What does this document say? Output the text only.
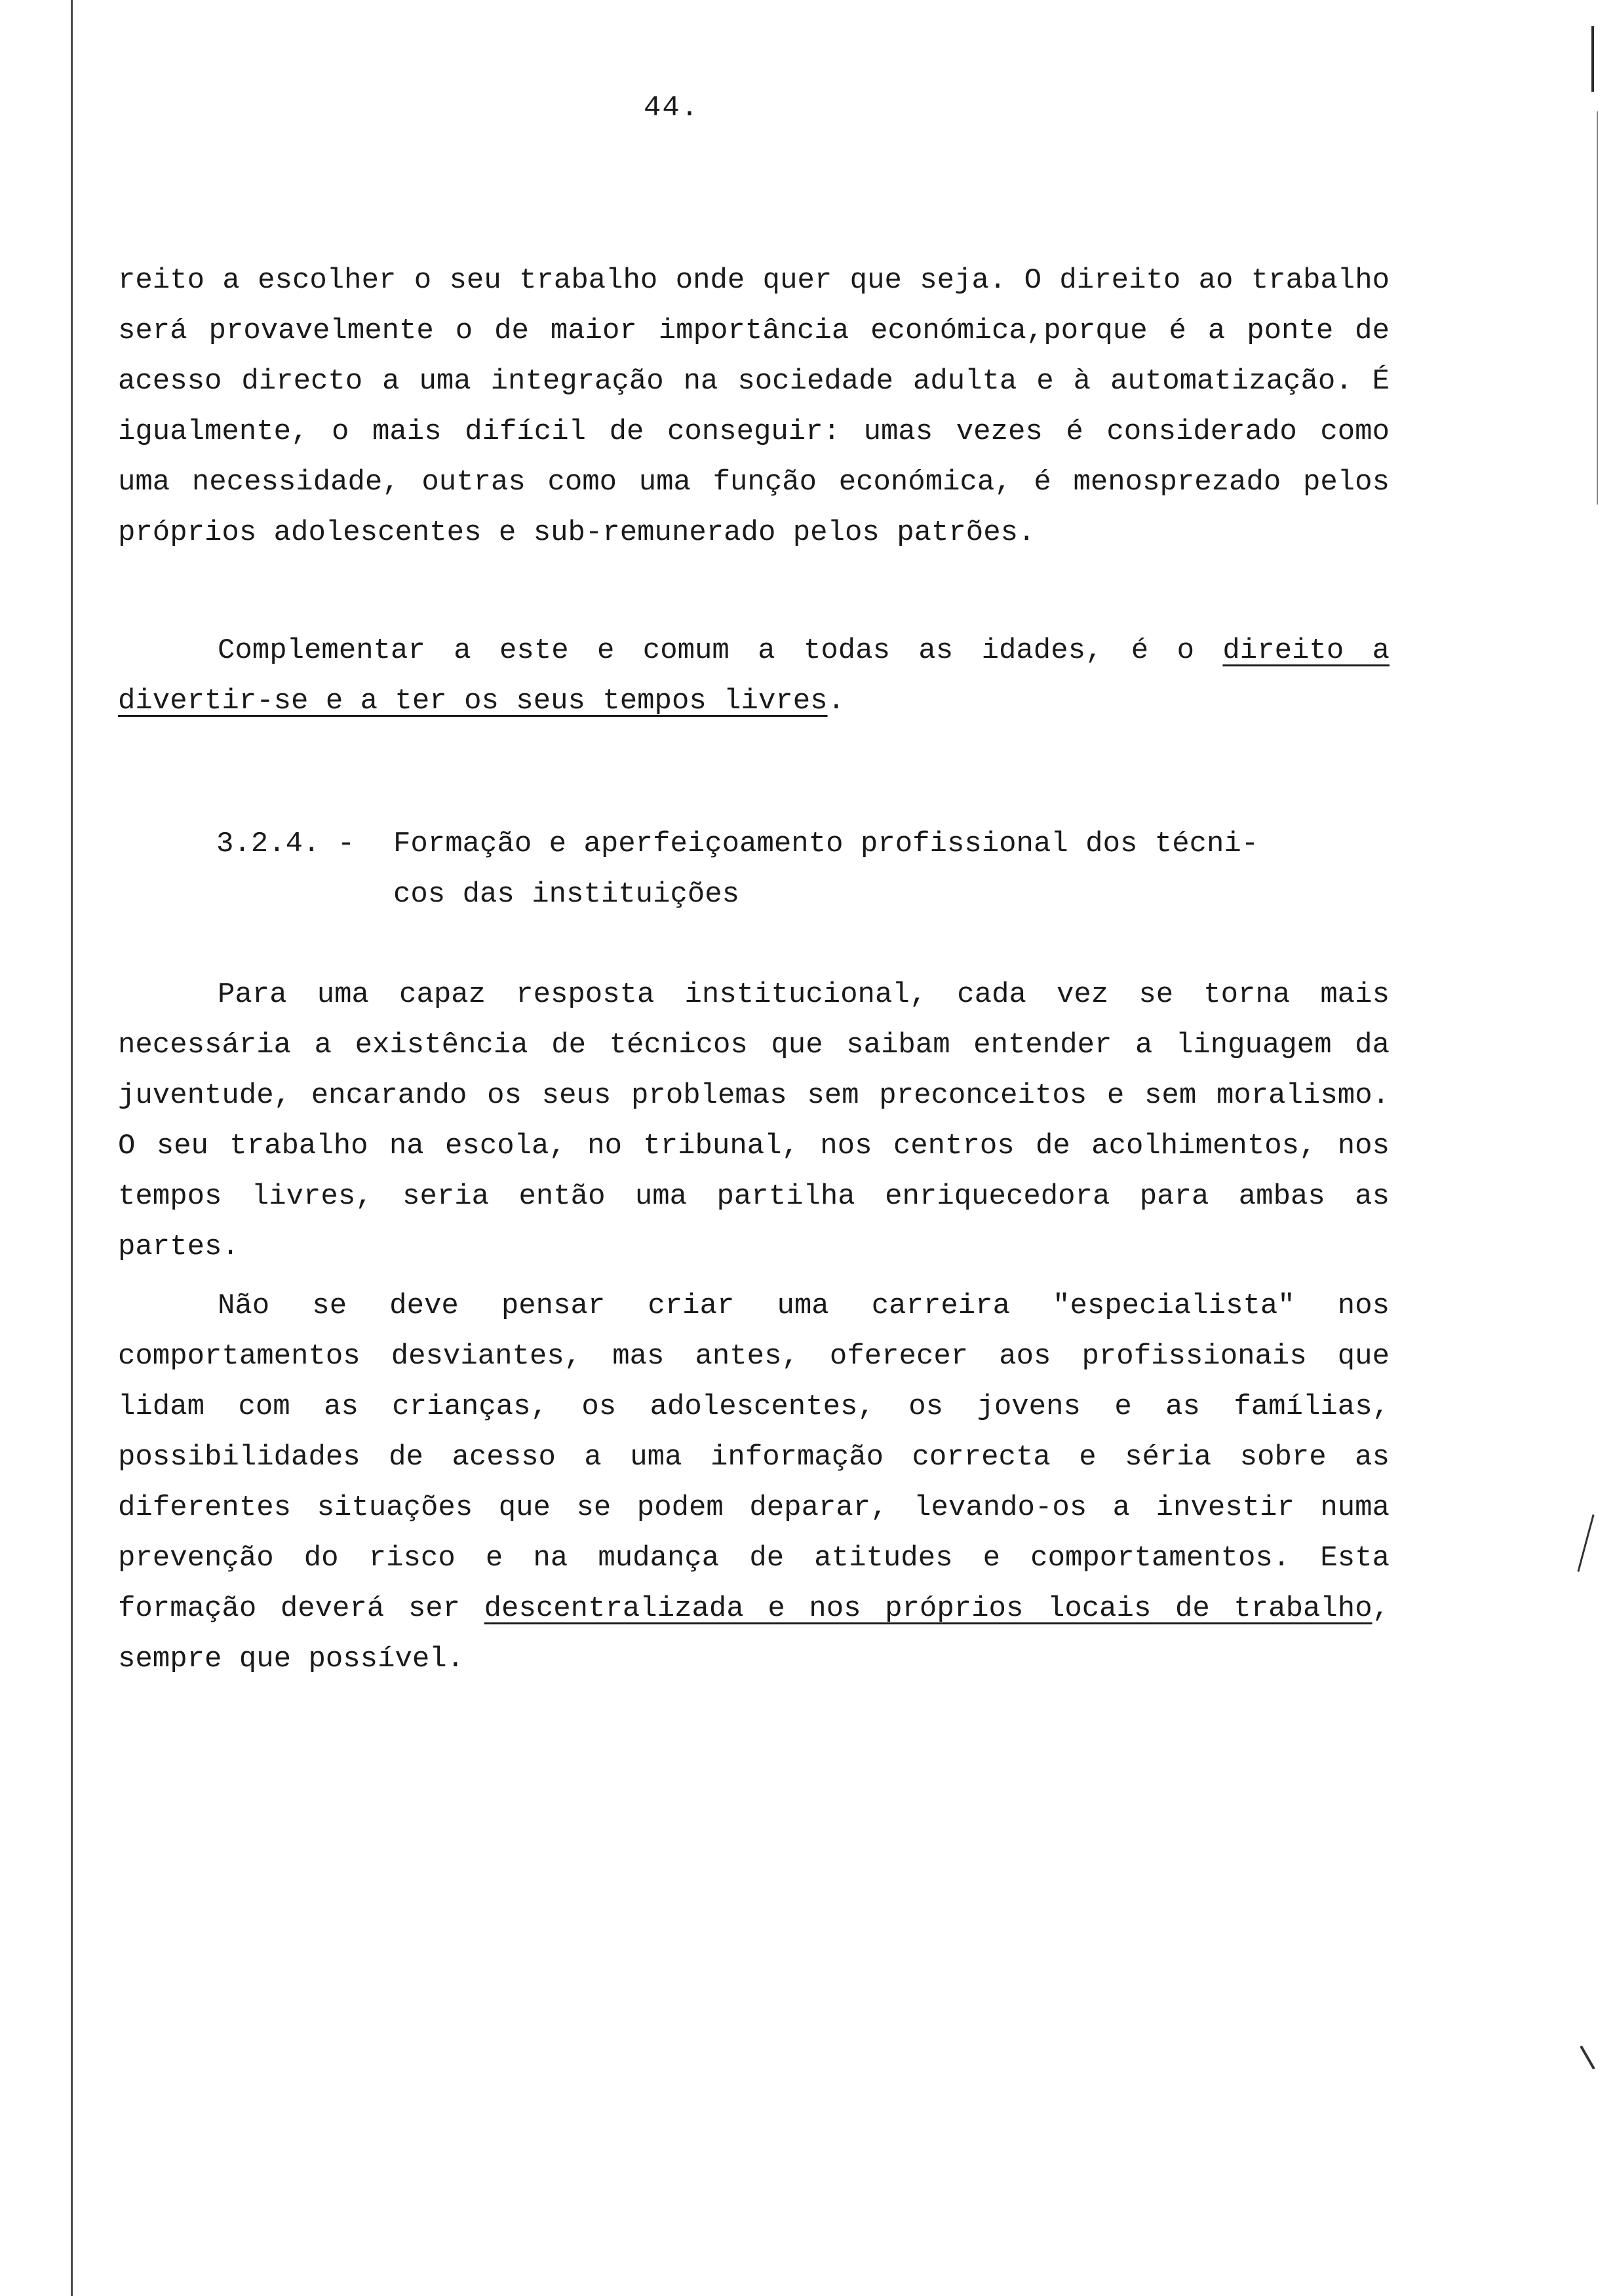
44.

reito a escolher o seu trabalho onde quer que seja. O direito ao trabalho será provavelmente o de maior importância económica,porque é a ponte de acesso directo a uma integração na sociedade adulta e à automatização. É igualmente, o mais difícil de conseguir: umas vezes é considerado como uma necessidade, outras como uma função económica, é menosprezado pelos próprios adolescentes e sub-remunerado pelos patrões.

Complementar a este e comum a todas as idades, é o direito a divertir-se e a ter os seus tempos livres.

3.2.4. - Formação e aperfeiçoamento profissional dos técni-
cos das instituições

Para uma capaz resposta institucional, cada vez se torna mais necessária a existência de técnicos que saibam entender a linguagem da juventude, encarando os seus problemas sem preconceitos e sem moralismo. O seu trabalho na escola, no tribunal, nos centros de acolhimentos, nos tempos livres, seria então uma partilha enriquecedora para ambas as partes.

Não se deve pensar criar uma carreira "especialista" nos comportamentos desviantes, mas antes, oferecer aos profissionais que lidam com as crianças, os adolescentes, os jovens e as famílias, possibilidades de acesso a uma informação correcta e séria sobre as diferentes situações que se podem deparar, levando-os a investir numa prevenção do risco e na mudança de atitudes e comportamentos. Esta formação deverá ser descentralizada e nos próprios locais de trabalho, sempre que possível.
